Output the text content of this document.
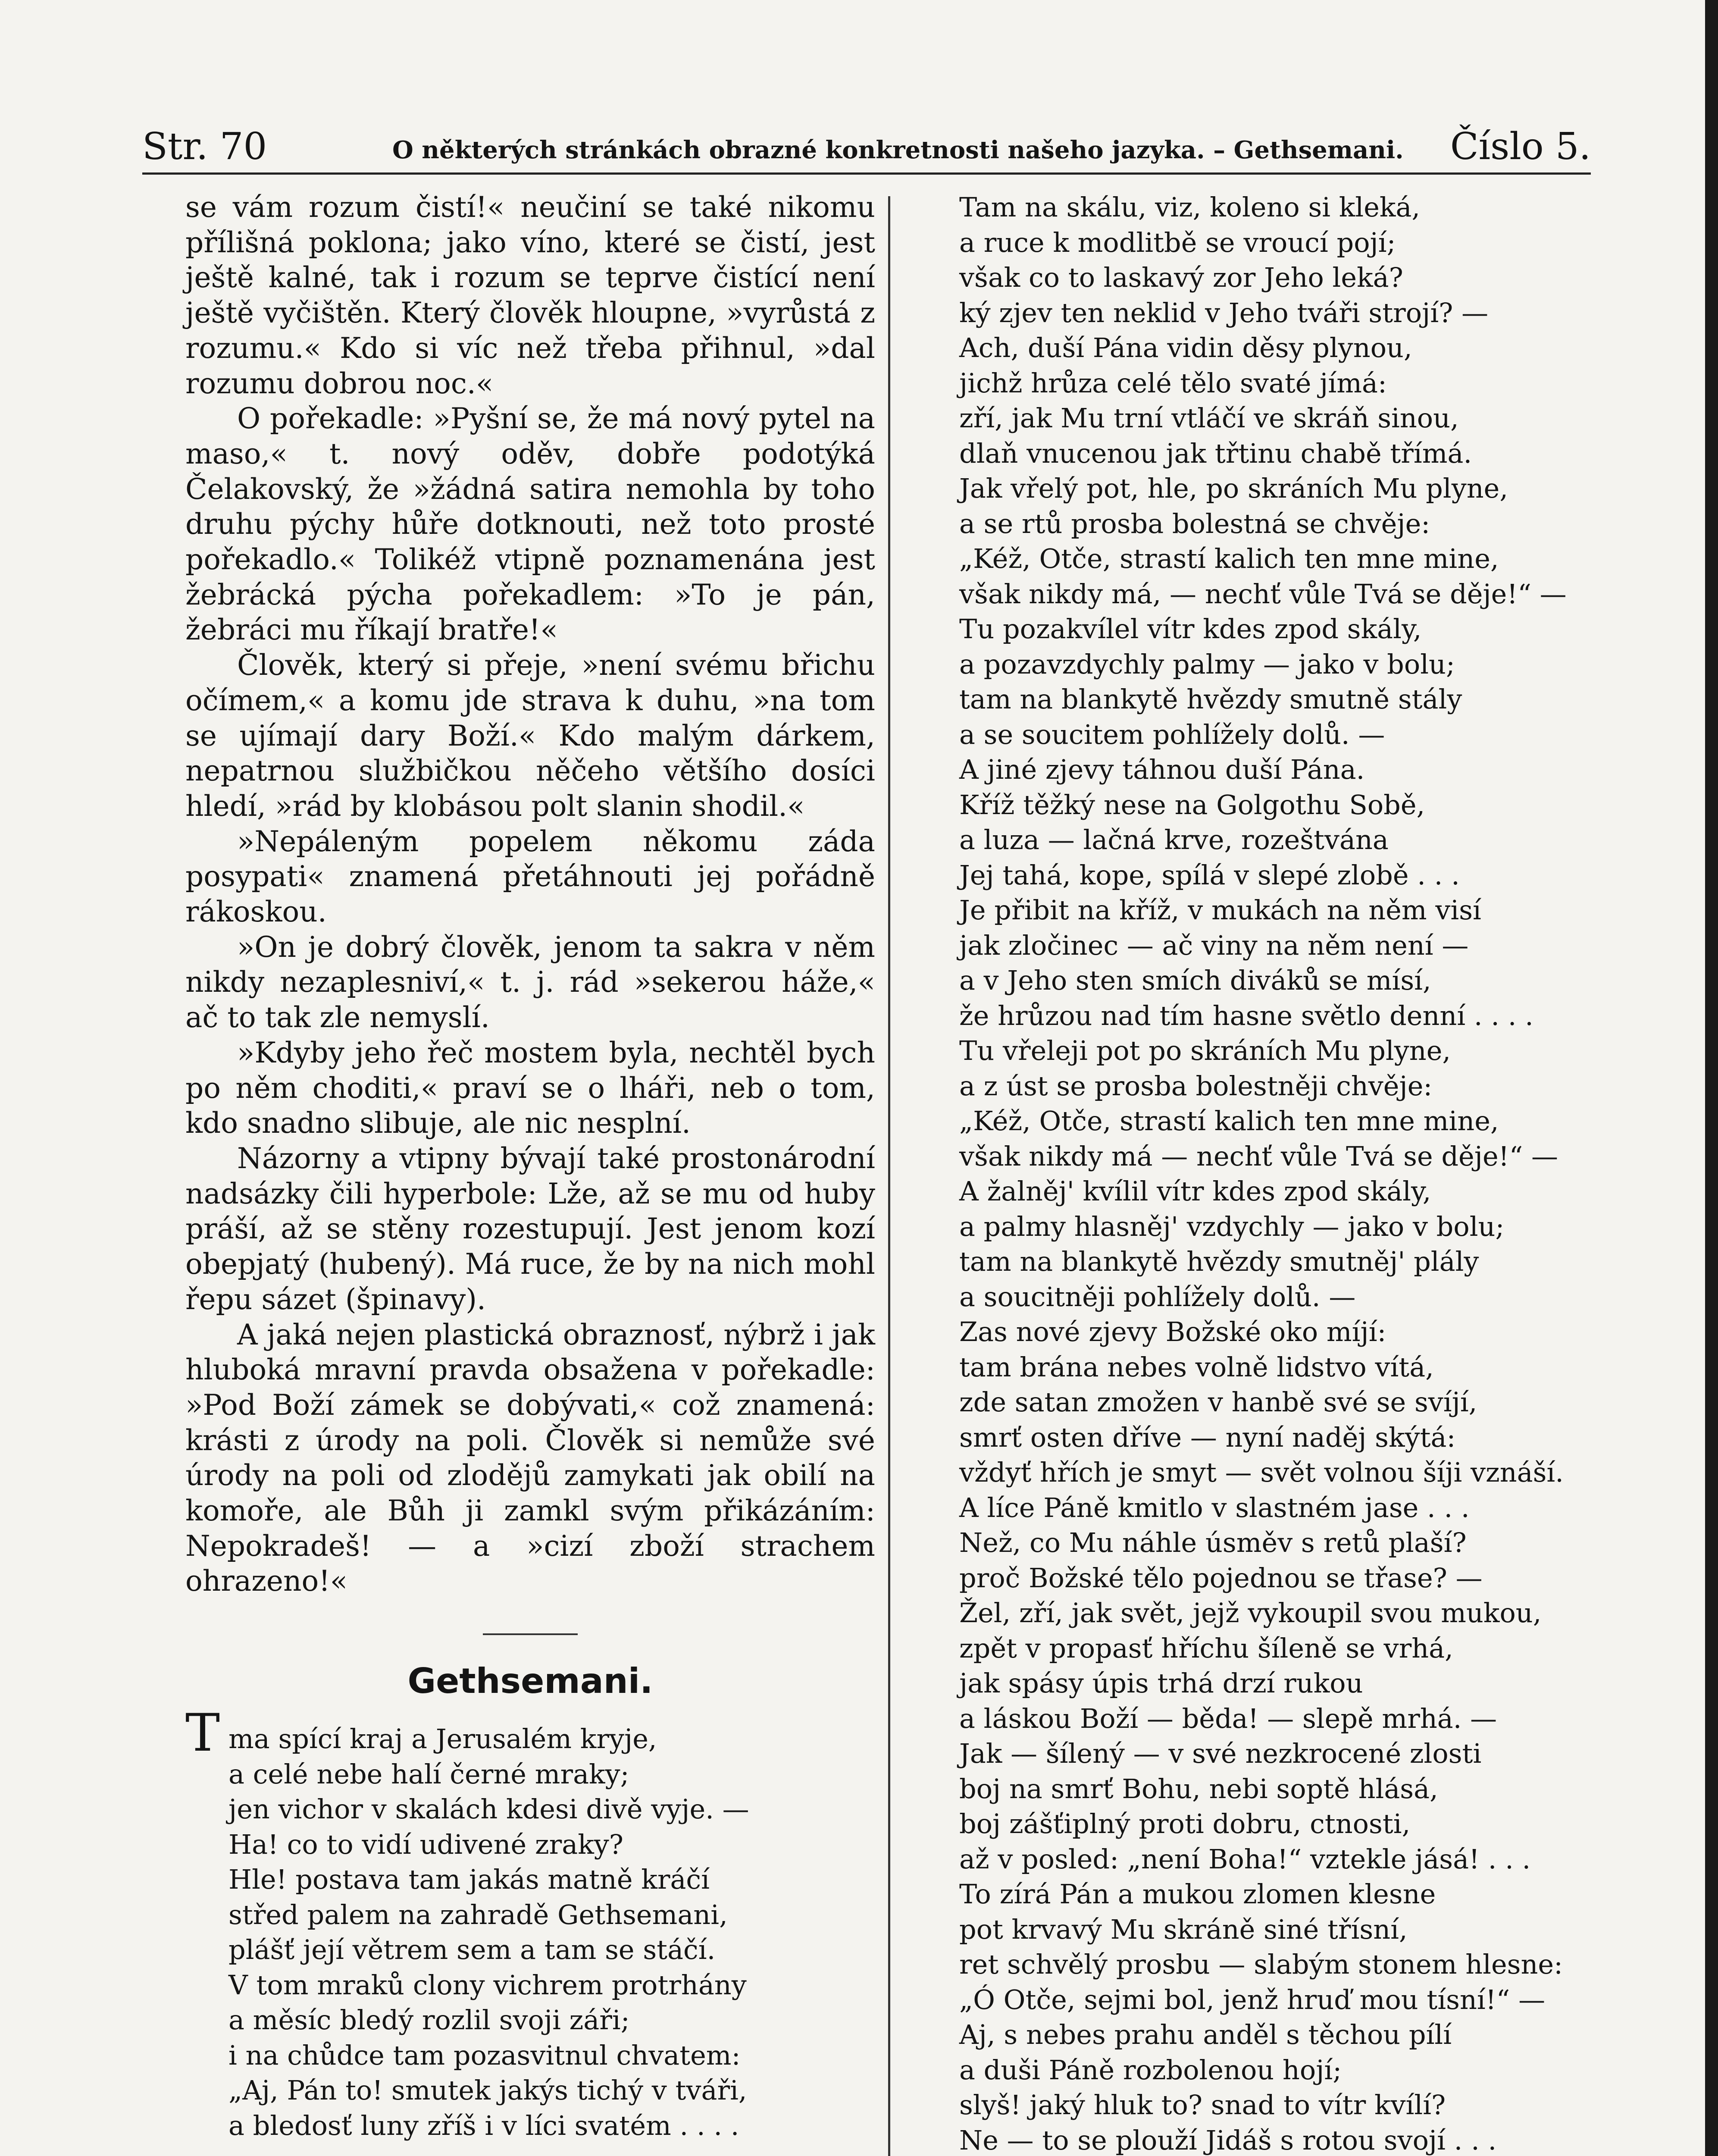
Str. 70	O některých stránkách obrazné konkretnosti našeho jazyka. – Gethsemani. Číslo 5.

se vám rozum čistí!« neučiní se také nikomu přílišná poklona; jako víno, které se čistí, jest ještě kalné, tak i rozum se teprve čistící není ještě vyčištěn. Který člověk hloupne, »vyrůstá z rozumu.« Kdo si víc než třeba přihnul, »dal rozumu dobrou noc.«

O pořekadle: »Pyšní se, že má nový pytel na maso,« t. nový oděv, dobře podotýká Čelakovský, že »žádná satira nemohla by toho druhu pýchy hůře dotknouti, než toto prosté pořekadlo.« Tolikéž vtipně poznamenána jest žebrácká pýcha pořekadlem: »To je pán, žebráci mu říkají bratře!«

Člověk, který si přeje, »není svému břichu očímem,« a komu jde strava k duhu, »na tom se ujímají dary Boží.« Kdo malým dárkem, nepatrnou službičkou něčeho většího dosíci hledí, »rád by klobásou polt slanin shodil.«

»Nepáleným popelem někomu záda posypati« znamená přetáhnouti jej pořádně rákoskou.

»On je dobrý člověk, jenom ta sakra v něm nikdy nezaplesniví,« t. j. rád »sekerou háže,« ač to tak zle nemyslí.

»Kdyby jeho řeč mostem byla, nechtěl bych po něm choditi,« praví se o lháři, neb o tom, kdo snadno slibuje, ale nic nesplní.

Názorny a vtipny bývají také prostonárodní nadsázky čili hyperbole: Lže, až se mu od huby práší, až se stěny rozestupují. Jest jenom kozí obepjatý (hubený). Má ruce, že by na nich mohl řepu sázet (špinavy).

A jaká nejen plastická obraznosť, nýbrž i jak hluboká mravní pravda obsažena v pořekadle: »Pod Boží zámek se dobývati,« což znamená: krásti z úrody na poli. Člověk si nemůže své úrody na poli od zlodějů zamykati jak obilí na komoře, ale Bůh ji zamkl svým přikázáním: Nepokradeš! — a »cizí zboží strachem ohrazeno!«

Gethsemani.
Tma spící kraj a Jerusalém kryje,
a celé nebe halí černé mraky;
jen vichor v skalách kdesi divě vyje. —
Ha! co to vidí udivené zraky?
Hle! postava tam jakás matně kráčí
střed palem na zahradě Gethsemani,
plášť její větrem sem a tam se stáčí.
V tom mraků clony vichrem protrhány
a měsíc bledý rozlil svoji záři;
i na chůdce tam pozasvitnul chvatem:
„Aj, Pán to! smutek jakýs tichý v tváři,
a bledosť luny zříš i v líci svatém . . . .
Tam na skálu, viz, koleno si kleká,
a ruce k modlitbě se vroucí pojí;
však co to laskavý zor Jeho leká?
ký zjev ten neklid v Jeho tváři strojí? —
Ach, duší Pána vidin děsy plynou,
jichž hrůza celé tělo svaté jímá:
zří, jak Mu trní vtláčí ve skráň sinou,
dlaň vnucenou jak třtinu chabě třímá.
Jak vřelý pot, hle, po skráních Mu plyne,
a se rtů prosba bolestná se chvěje:
„Kéž, Otče, strastí kalich ten mne mine,
však nikdy má, — nechť vůle Tvá se děje!“ —
Tu pozakvílel vítr kdes zpod skály,
a pozavzdychly palmy — jako v bolu;
tam na blankytě hvězdy smutně stály
a se soucitem pohlížely dolů. —
A jiné zjevy táhnou duší Pána.
Kříž těžký nese na Golgothu Sobě,
a luza — lačná krve, rozeštvána
Jej tahá, kope, spílá v slepé zlobě . . .
Je přibit na kříž, v mukách na něm visí
jak zločinec — ač viny na něm není —
a v Jeho sten smích diváků se mísí,
že hrůzou nad tím hasne světlo denní . . . .
Tu vřeleji pot po skráních Mu plyne,
a z úst se prosba bolestněji chvěje:
„Kéž, Otče, strastí kalich ten mne mine,
však nikdy má — nechť vůle Tvá se děje!“ —
A žalněj' kvílil vítr kdes zpod skály,
a palmy hlasněj' vzdychly — jako v bolu;
tam na blankytě hvězdy smutněj' plály
a soucitněji pohlížely dolů. —
Zas nové zjevy Božské oko míjí:
tam brána nebes volně lidstvo vítá,
zde satan zmožen v hanbě své se svíjí,
smrť osten dříve — nyní naděj skýtá:
vždyť hřích je smyt — svět volnou šíji vznáší.
A líce Páně kmitlo v slastném jase . . .
Než, co Mu náhle úsměv s retů plaší?
proč Božské tělo pojednou se třase? —
Žel, zří, jak svět, jejž vykoupil svou mukou,
zpět v propasť hříchu šíleně se vrhá,
jak spásy úpis trhá drzí rukou
a láskou Boží — běda! — slepě mrhá. —
Jak — šílený — v své nezkrocené zlosti
boj na smrť Bohu, nebi soptě hlásá,
boj zášťiplný proti dobru, ctnosti,
až v posled: „není Boha!“ vztekle jásá! . . .
To zírá Pán a mukou zlomen klesne
pot krvavý Mu skráně siné třísní,
ret schvělý prosbu — slabým stonem hlesne:
„Ó Otče, sejmi bol, jenž hruď mou tísní!“ —
Aj, s nebes prahu anděl s těchou pílí
a duši Páně rozbolenou hojí;
slyš! jaký hluk to? snad to vítr kvílí?
Ne — to se plouží Jidáš s rotou svojí . . .
